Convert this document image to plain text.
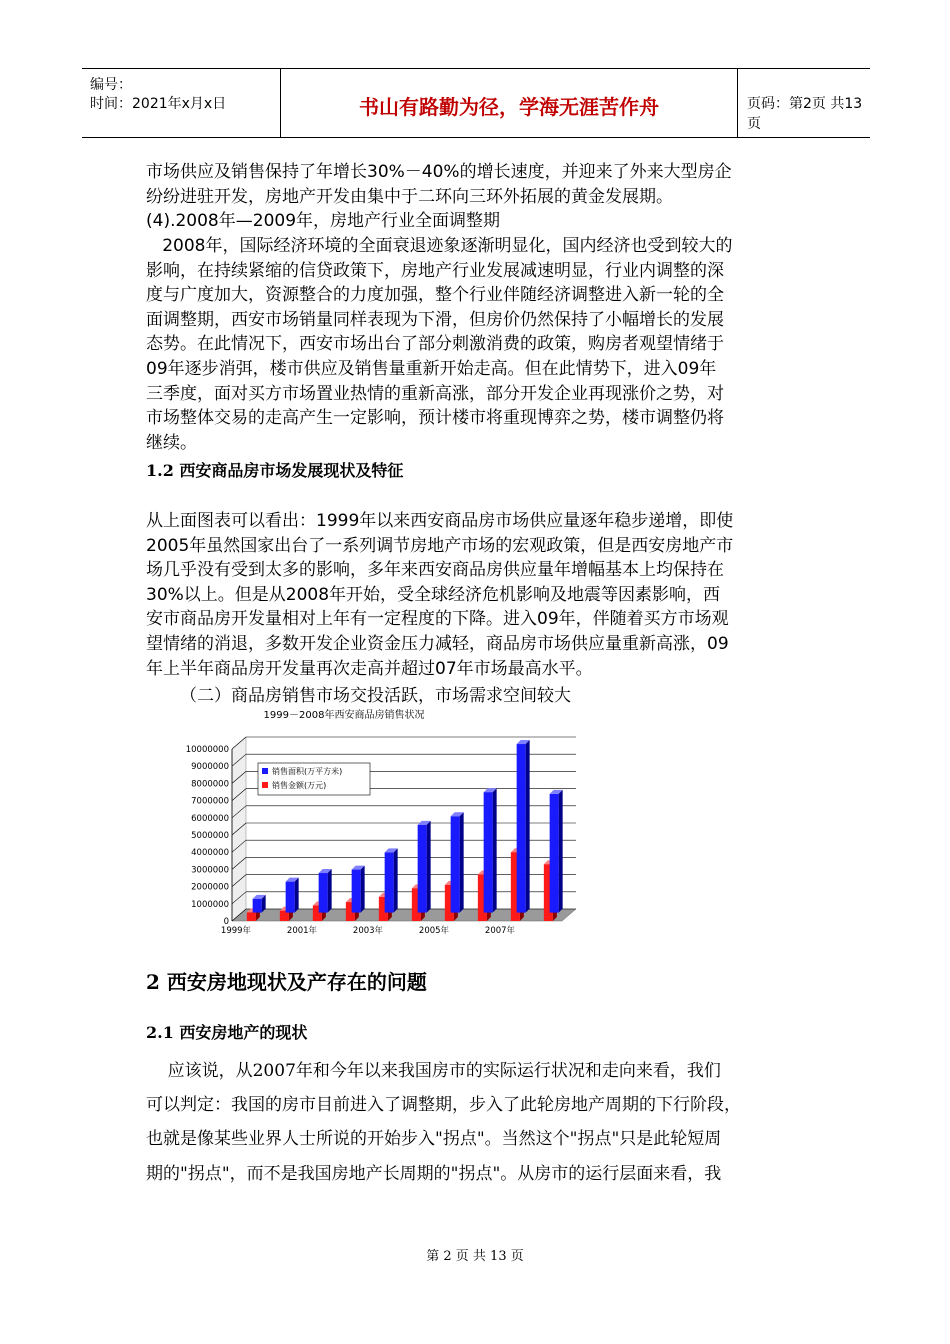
编号：
时间：2021年x月x日	书山有路勤为径，学海无涯苦作舟	页码：第2页 共13页
市场供应及销售保持了年增长30%－40%的增长速度，并迎来了外来大型房企
纷纷进驻开发，房地产开发由集中于二环向三环外拓展的黄金发展期。
(4).2008年—2009年，房地产行业全面调整期
2008年，国际经济环境的全面衰退迹象逐渐明显化，国内经济也受到较大的
影响，在持续紧缩的信贷政策下，房地产行业发展减速明显，行业内调整的深
度与广度加大，资源整合的力度加强，整个行业伴随经济调整进入新一轮的全
面调整期，西安市场销量同样表现为下滑，但房价仍然保持了小幅增长的发展
态势。在此情况下，西安市场出台了部分刺激消费的政策，购房者观望情绪于
09年逐步消弭，楼市供应及销售量重新开始走高。但在此情势下，进入09年
三季度，面对买方市场置业热情的重新高涨，部分开发企业再现涨价之势，对
市场整体交易的走高产生一定影响，预计楼市将重现博弈之势，楼市调整仍将
继续。
1.2 西安商品房市场发展现状及特征
从上面图表可以看出：1999年以来西安商品房市场供应量逐年稳步递增，即使
2005年虽然国家出台了一系列调节房地产市场的宏观政策，但是西安房地产市
场几乎没有受到太多的影响，多年来西安商品房供应量年增幅基本上均保持在
30%以上。但是从2008年开始，受全球经济危机影响及地震等因素影响，西
安市商品房开发量相对上年有一定程度的下降。进入09年，伴随着买方市场观
望情绪的消退，多数开发企业资金压力减轻，商品房市场供应量重新高涨，09
年上半年商品房开发量再次走高并超过07年市场最高水平。
（二）商品房销售市场交投活跃，市场需求空间较大
1999－2008年西安商品房销售状况
0
1000000
2000000
3000000
4000000
5000000
6000000
7000000
8000000
9000000
10000000
1999年	2001年	2003年	2005年	2007年
销售面积(万平方米)
销售金额(万元)
2 西安房地现状及产存在的问题
2.1 西安房地产的现状
应该说，从2007年和今年以来我国房市的实际运行状况和走向来看，我们
可以判定：我国的房市目前进入了调整期，步入了此轮房地产周期的下行阶段，
也就是像某些业界人士所说的开始步入"拐点"。当然这个"拐点"只是此轮短周
期的"拐点"，而不是我国房地产长周期的"拐点"。从房市的运行层面来看，我
第 2 页 共 13 页
